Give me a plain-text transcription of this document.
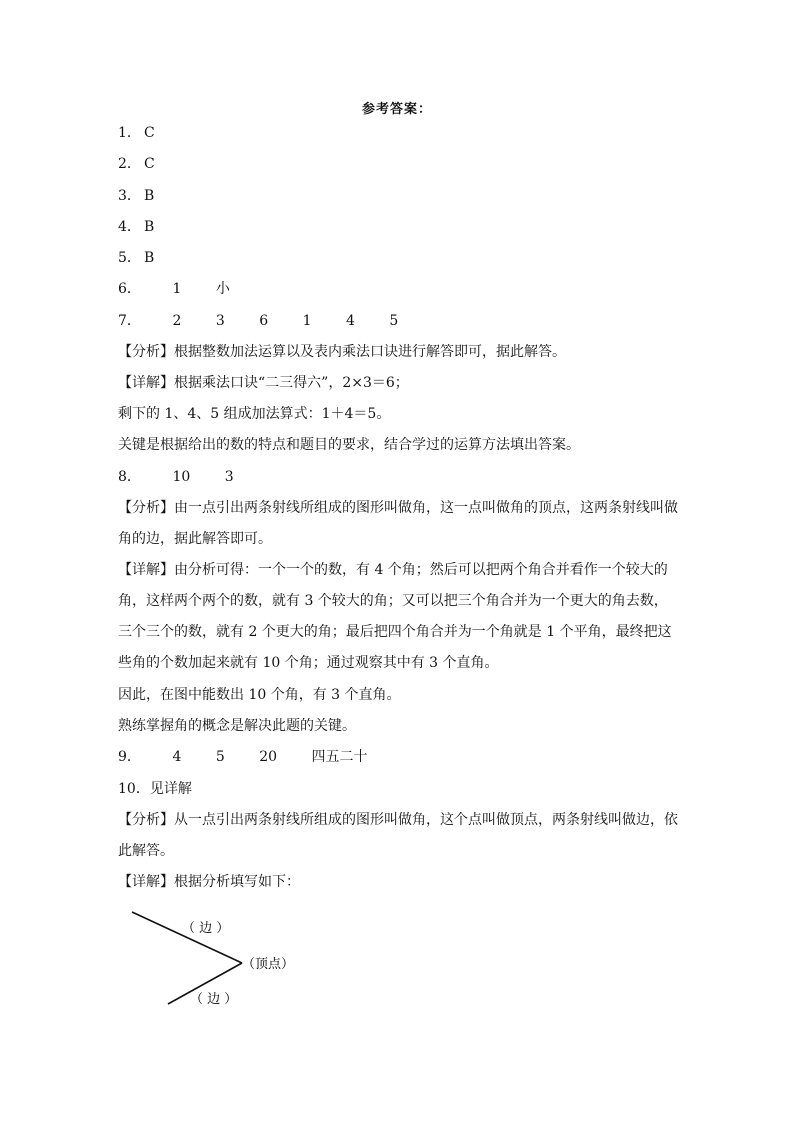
参考答案：
1． C
2． C
3． B
4． B
5． B
6． 1 小
7． 2 3 6 1 4 5
【分析】根据整数加法运算以及表内乘法口诀进行解答即可，据此解答。
【详解】根据乘法口诀“二三得六”，2×3＝6；
剩下的 1、4、5 组成加法算式：1＋4＝5。
关键是根据给出的数的特点和题目的要求，结合学过的运算方法填出答案。
8． 10 3
【分析】由一点引出两条射线所组成的图形叫做角，这一点叫做角的顶点，这两条射线叫做角的边，据此解答即可。
【详解】由分析可得：一个一个的数，有 4 个角；然后可以把两个角合并看作一个较大的角，这样两个两个的数，就有 3 个较大的角；又可以把三个角合并为一个更大的角去数，三个三个的数，就有 2 个更大的角；最后把四个角合并为一个角就是 1 个平角，最终把这些角的个数加起来就有 10 个角；通过观察其中有 3 个直角。
因此，在图中能数出 10 个角，有 3 个直角。
熟练掌握角的概念是解决此题的关键。
9． 4 5 20 四五二十
10．见详解
【分析】从一点引出两条射线所组成的图形叫做角，这个点叫做顶点，两条射线叫做边，依此解答。
【详解】根据分析填写如下：
（ 边 ）
（顶点）
（ 边 ）
